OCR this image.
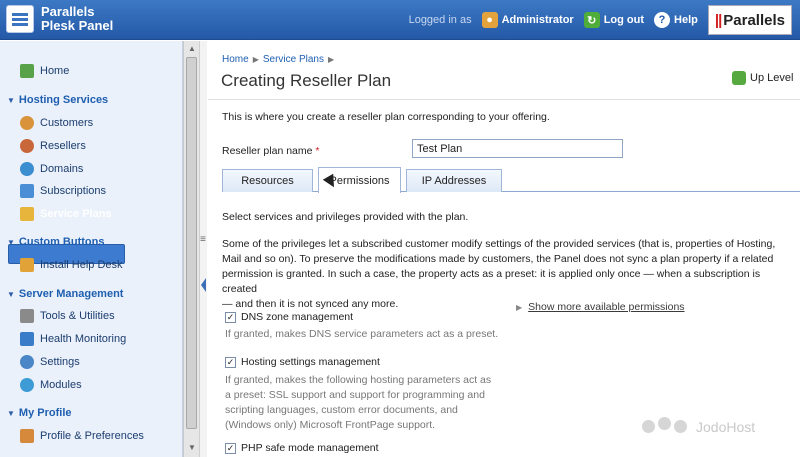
Parallels
Plesk Panel	Logged in as	● Administrator	↻ Log out	? Help || Parallels
Home
▼ Hosting Services
Customers
Resellers
Domains
Subscriptions
Service Plans
▼ Custom Buttons
Install Help Desk
▼ Server Management
Tools & Utilities
Health Monitoring
Settings
Modules
▼ My Profile
Profile & Preferences
▲
▼
≡
Home ▶ Service Plans ▶
Creating Reseller Plan	Up Level
This is where you create a reseller plan corresponding to your offering.
Reseller plan name *
Test Plan
Resources	Permissions	IP Addresses
Select services and privileges provided with the plan.
Some of the privileges let a subscribed customer modify settings of the provided services (that is, properties of Hosting,
Mail and so on). To preserve the modifications made by customers, the Panel does not sync a plan property if a related
permission is granted. In such a case, the property acts as a preset: it is applied only once — when a subscription is created
— and then it is not synced any more.	▶ Show more available permissions
✓ DNS zone management
If granted, makes DNS service parameters act as a preset.
✓ Hosting settings management
If granted, makes the following hosting parameters act as
a preset: SSL support and support for programming and
scripting languages, custom error documents, and
(Windows only) Microsoft FrontPage support.
✓ PHP safe mode management
JodoHost
